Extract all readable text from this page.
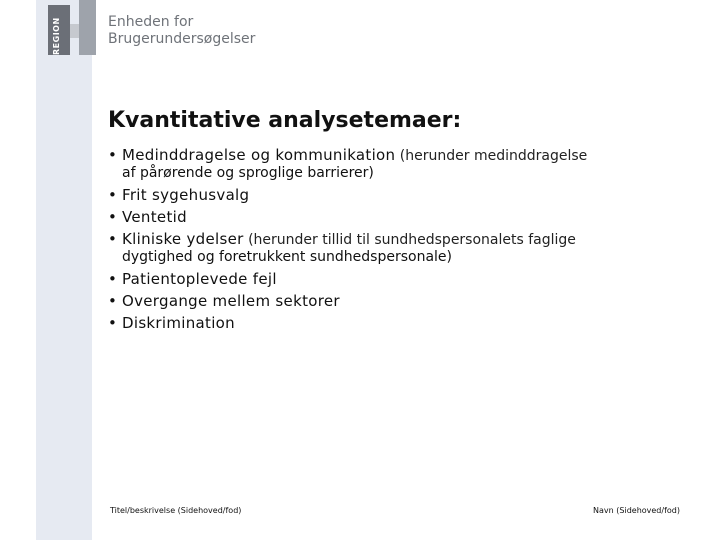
REGION	Enheden for
Brugerundersøgelser
Kvantitative analysetemaer:
• Medinddragelse og kommunikation (herunder medinddragelse
af pårørende og sproglige barrierer)
• Frit sygehusvalg
• Ventetid
• Kliniske ydelser (herunder tillid til sundhedspersonalets faglige
dygtighed og foretrukkent sundhedspersonale)
• Patientoplevede fejl
• Overgange mellem sektorer
• Diskrimination
Titel/beskrivelse (Sidehoved/fod)	Navn (Sidehoved/fod)
